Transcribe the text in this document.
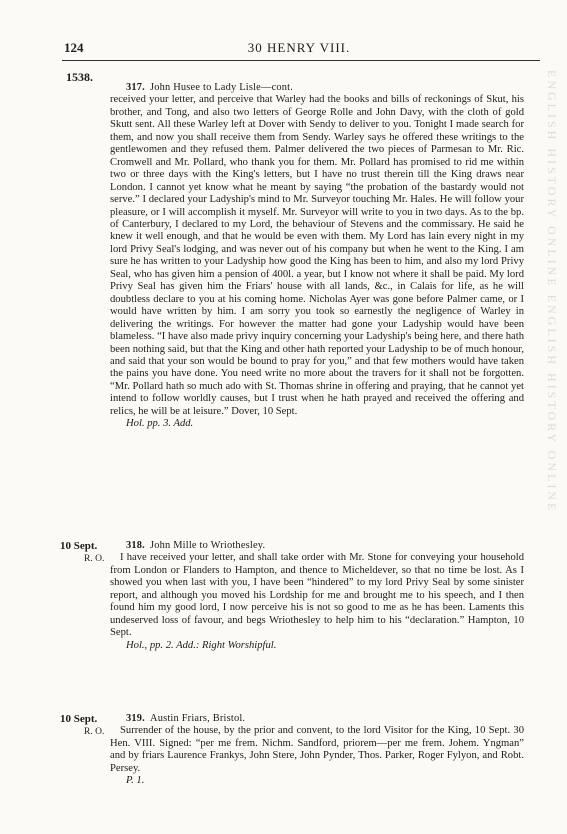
124	30 HENRY VIII.
1538.	ENGLISH HISTORY ONLINE ENGLISH HISTORY ONLINE
317. John Husee to Lady Lisle—cont.

received your letter, and perceive that Warley had the books and bills of reckonings of Skut, his brother, and Tong, and also two letters of George Rolle and John Davy, with the cloth of gold Skutt sent. All these Warley left at Dover with Sendy to deliver to you. Tonight I made search for them, and now you shall receive them from Sendy. Warley says he offered these writings to the gentlewomen and they refused them. Palmer delivered the two pieces of Parmesan to Mr. Ric. Cromwell and Mr. Pollard, who thank you for them. Mr. Pollard has promised to rid me within two or three days with the King's letters, but I have no trust therein till the King draws near London. I cannot yet know what he meant by saying “the probation of the bastardy would not serve.” I declared your Ladyship's mind to Mr. Surveyor touching Mr. Hales. He will follow your pleasure, or I will accomplish it myself. Mr. Surveyor will write to you in two days. As to the bp. of Canterbury, I declared to my Lord, the behaviour of Stevens and the commissary. He said he knew it well enough, and that he would be even with them. My Lord has lain every night in my lord Privy Seal's lodging, and was never out of his company but when he went to the King. I am sure he has written to your Ladyship how good the King has been to him, and also my lord Privy Seal, who has given him a pension of 400l. a year, but I know not where it shall be paid. My lord Privy Seal has given him the Friars' house with all lands, &c., in Calais for life, as he will doubtless declare to you at his coming home. Nicholas Ayer was gone before Palmer came, or I would have written by him. I am sorry you took so earnestly the negligence of Warley in delivering the writings. For however the matter had gone your Ladyship would have been blameless. “I have also made privy inquiry concerning your Ladyship's being here, and there hath been nothing said, but that the King and other hath reported your Ladyship to be of much honour, and said that your son would be bound to pray for you,” and that few mothers would have taken the pains you have done. You need write no more about the travers for it shall not be forgotten. “Mr. Pollard hath so much ado with St. Thomas shrine in offering and praying, that he cannot yet intend to follow worldly causes, but I trust when he hath prayed and received the offering and relics, he will be at leisure.” Dover, 10 Sept.

Hol. pp. 3. Add.
10 Sept.
R. O.
318. John Mille to Wriothesley.

I have received your letter, and shall take order with Mr. Stone for conveying your household from London or Flanders to Hampton, and thence to Micheldever, so that no time be lost. As I showed you when last with you, I have been “hindered” to my lord Privy Seal by some sinister report, and although you moved his Lordship for me and brought me to his speech, and I then found him my good lord, I now perceive his is not so good to me as he has been. Laments this undeserved loss of favour, and begs Wriothesley to help him to his “declaration.” Hampton, 10 Sept.

Hol., pp. 2. Add.: Right Worshipful.
10 Sept.
R. O.
319. Austin Friars, Bristol.

Surrender of the house, by the prior and convent, to the lord Visitor for the King, 10 Sept. 30 Hen. VIII. Signed: “per me frem. Nichm. Sandford, priorem—per me frem. Johem. Yngman” and by friars Laurence Frankys, John Stere, John Pynder, Thos. Parker, Roger Fylyon, and Robt. Persey.

P. 1.
